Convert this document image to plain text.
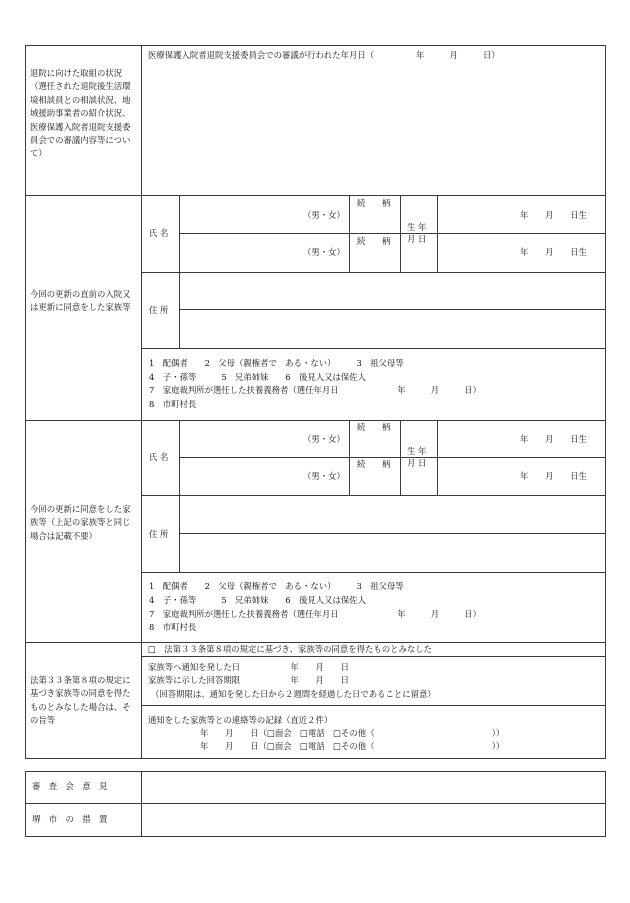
退院に向けた取組の状況（選任された退院後生活環境相談員との相談状況、地域援助事業者の紹介状況、医療保護入院者退院支援委員会での審議内容等について）
医療保護入院者退院支援委員会での審議が行われた年月日（　　　　　年　　　月　　　日）
今回の更新の直前の入院又は更新に同意をした家族等
氏 名
（男・女）
（男・女）
続　　柄
続　　柄
生 年
月 日
年　　月　　日生
年　　月　　日生
住 所
1　配偶者　　2　父母（親権者で　ある・ない）　　　3　祖父母等
4　子・孫等　　　5　兄弟姉妹　　6　後見人又は保佐人
7　家庭裁判所が選任した扶養義務者（選任年月日　　　　　　　年　　　月　　　日）
8　市町村長
今回の更新に同意をした家族等（上記の家族等と同じ場合は記載不要）
氏 名
（男・女）
（男・女）
続　　柄
続　　柄
生 年
月 日
年　　月　　日生
年　　月　　日生
住 所
1　配偶者　　2　父母（親権者で　ある・ない）　　　3　祖父母等
4　子・孫等　　　5　兄弟姉妹　　6　後見人又は保佐人
7　家庭裁判所が選任した扶養義務者（選任年月日　　　　　　　年　　　月　　　日）
8　市町村長
法第３３条第８項の規定に基づき家族等の同意を得たものとみなした場合は、その旨等
□　法第３３条第８項の規定に基づき、家族等の同意を得たものとみなした
家族等へ通知を発した日　　　　　　年　　月　　日
家族等に示した回答期限　　　　　　年　　月　　日
（回答期限は、通知を発した日から２週間を経過した日であることに留意）
通知をした家族等との連絡等の記録（直近２件）
年　　月　　日（□面会　□電話　□その他（　　　　　　　　　　　　　　））
年　　月　　日（□面会　□電話　□その他（　　　　　　　　　　　　　　））
審　査　会　意　見
堺　市　の　措　置
